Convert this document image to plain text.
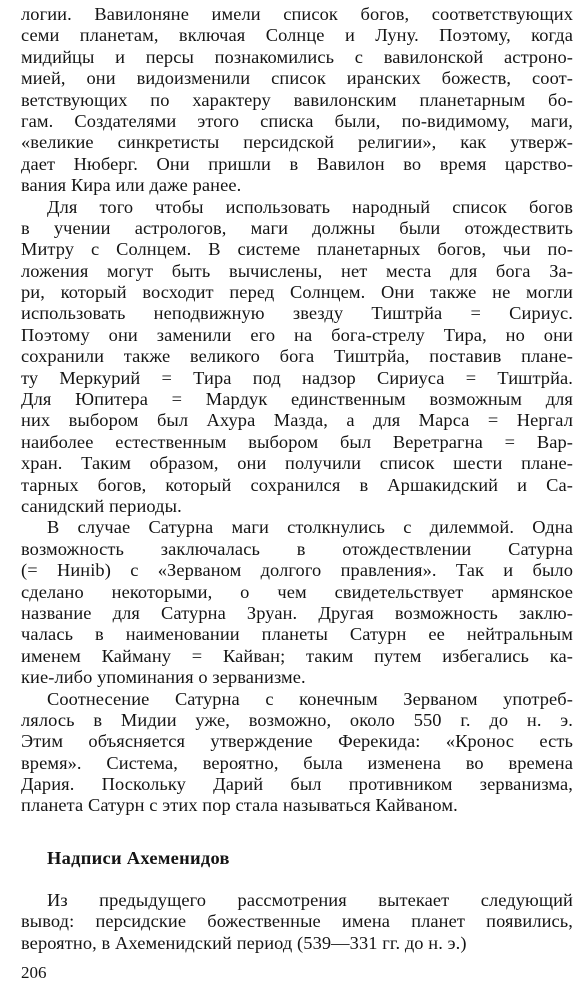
логии. Вавилоняне имели список богов, соответствующих
семи планетам, включая Солнце и Луну. Поэтому, когда
мидийцы и персы познакомились с вавилонской астроно-
мией, они видоизменили список иранских божеств, соот-
ветствующих по характеру вавилонским планетарным бо-
гам. Создателями этого списка были, по-видимому, маги,
«великие синкретисты персидской религии», как утверж-
дает Нюберг. Они пришли в Вавилон во время царство-
вания Кира или даже ранее.
Для того чтобы использовать народный список богов
в учении астрологов, маги должны были отождествить
Митру с Солнцем. В системе планетарных богов, чьи по-
ложения могут быть вычислены, нет места для бога За-
ри, который восходит перед Солнцем. Они также не могли
использовать неподвижную звезду Тиштрйа = Сириус.
Поэтому они заменили его на бога-стрелу Тира, но они
сохранили также великого бога Тиштрйа, поставив плане-
ту Меркурий = Тира под надзор Сириуса = Тиштрйа.
Для Юпитера = Мардук единственным возможным для
них выбором был Ахура Мазда, а для Марса = Нергал
наиболее естественным выбором был Веретрагна = Вар-
хран. Таким образом, они получили список шести плане-
тарных богов, который сохранился в Аршакидский и Са-
санидский периоды.
В случае Сатурна маги столкнулись с дилеммой. Одна
возможность заключалась в отождествлении Сатурна
(= Нинib) с «Зерваном долгого правления». Так и было
сделано некоторыми, о чем свидетельствует армянское
название для Сатурна Зруан. Другая возможность заклю-
чалась в наименовании планеты Сатурн ее нейтральным
именем Кайману = Кайван; таким путем избегались ка-
кие-либо упоминания о зерванизме.
Соотнесение Сатурна с конечным Зерваном употреб-
лялось в Мидии уже, возможно, около 550 г. до н. э.
Этим объясняется утверждение Ферекида: «Кронос есть
время». Система, вероятно, была изменена во времена
Дария. Поскольку Дарий был противником зерванизма,
планета Сатурн с этих пор стала называться Кайваном.
Надписи Ахеменидов
Из предыдущего рассмотрения вытекает следующий
вывод: персидские божественные имена планет появились,
вероятно, в Ахеменидский период (539—331 гг. до н. э.)
206
